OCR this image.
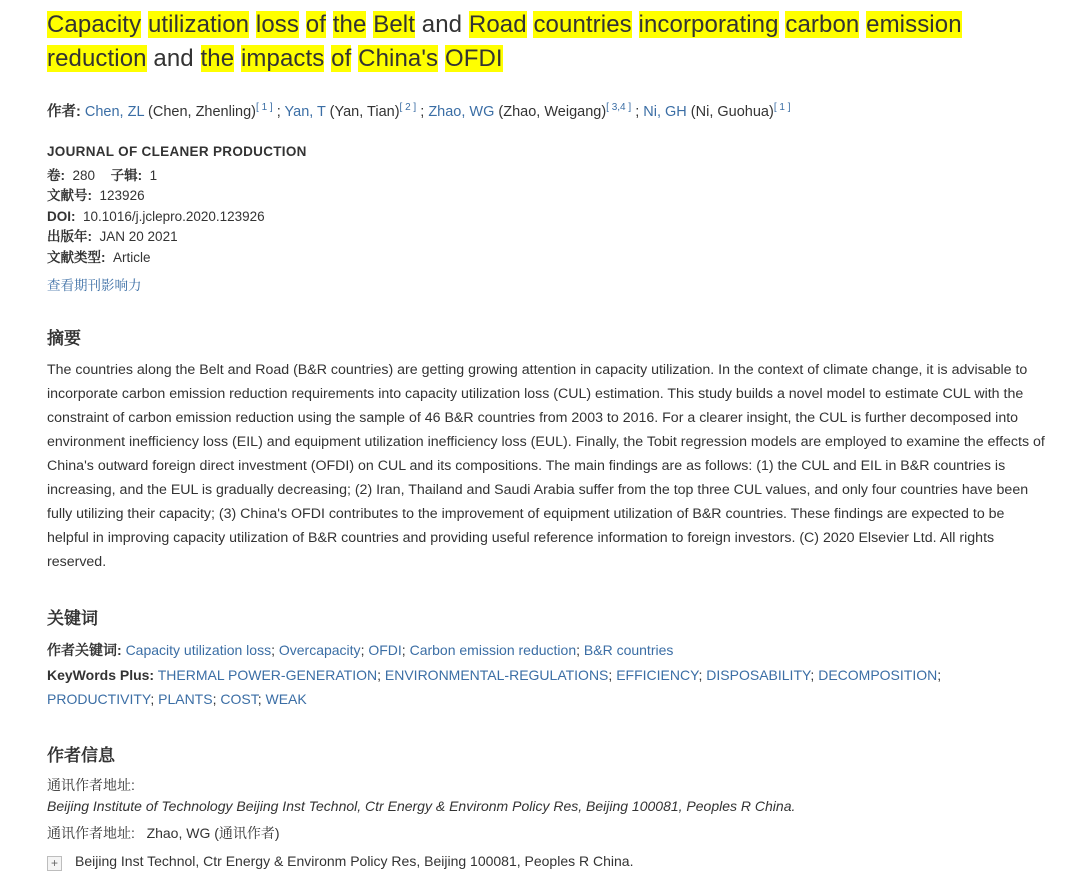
Capacity utilization loss of the Belt and Road countries incorporating carbon emission reduction and the impacts of China's OFDI
作者: Chen, ZL (Chen, Zhenling)[ 1 ] ; Yan, T (Yan, Tian)[ 2 ] ; Zhao, WG (Zhao, Weigang)[ 3,4 ] ; Ni, GH (Ni, Guohua)[ 1 ]
JOURNAL OF CLEANER PRODUCTION
卷: 280 子辑: 1
文献号: 123926
DOI: 10.1016/j.jclepro.2020.123926
出版年: JAN 20 2021
文献类型: Article
查看期刊影响力
摘要
The countries along the Belt and Road (B&R countries) are getting growing attention in capacity utilization. In the context of climate change, it is advisable to incorporate carbon emission reduction requirements into capacity utilization loss (CUL) estimation. This study builds a novel model to estimate CUL with the constraint of carbon emission reduction using the sample of 46 B&R countries from 2003 to 2016. For a clearer insight, the CUL is further decomposed into environment inefficiency loss (EIL) and equipment utilization inefficiency loss (EUL). Finally, the Tobit regression models are employed to examine the effects of China's outward foreign direct investment (OFDI) on CUL and its compositions. The main findings are as follows: (1) the CUL and EIL in B&R countries is increasing, and the EUL is gradually decreasing; (2) Iran, Thailand and Saudi Arabia suffer from the top three CUL values, and only four countries have been fully utilizing their capacity; (3) China's OFDI contributes to the improvement of equipment utilization of B&R countries. These findings are expected to be helpful in improving capacity utilization of B&R countries and providing useful reference information to foreign investors. (C) 2020 Elsevier Ltd. All rights reserved.
关键词
作者关键词: Capacity utilization loss; Overcapacity; OFDI; Carbon emission reduction; B&R countries
KeyWords Plus: THERMAL POWER-GENERATION; ENVIRONMENTAL-REGULATIONS; EFFICIENCY; DISPOSABILITY; DECOMPOSITION; PRODUCTIVITY; PLANTS; COST; WEAK
作者信息
通讯作者地址:
Beijing Institute of Technology Beijing Inst Technol, Ctr Energy & Environm Policy Res, Beijing 100081, Peoples R China.
通讯作者地址: Zhao, WG (通讯作者)
+ Beijing Inst Technol, Ctr Energy & Environm Policy Res, Beijing 100081, Peoples R China.
